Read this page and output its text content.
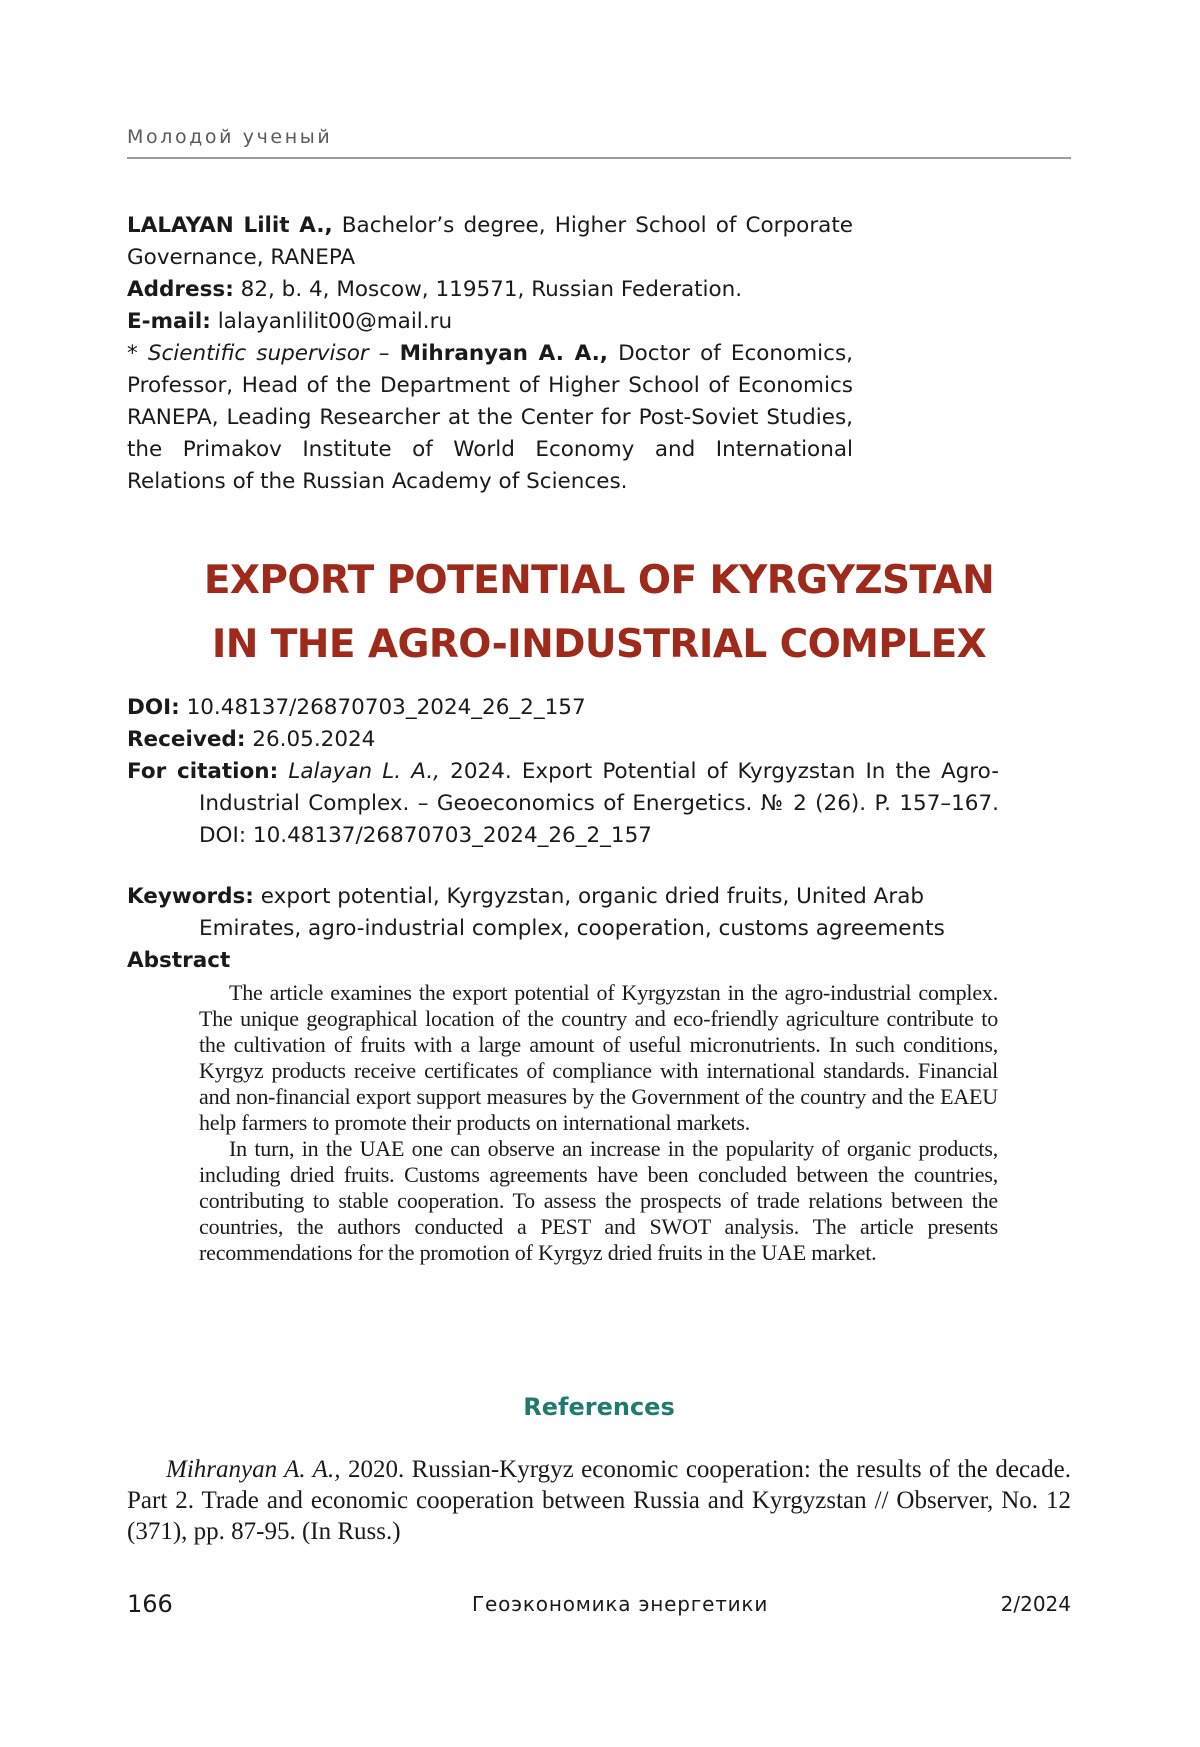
Молодой ученый

LALAYAN Lilit A., Bachelor’s degree, Higher School of Corporate Governance, RANEPA

Address: 82, b. 4, Moscow, 119571, Russian Federation.

E-mail: lalayanlilit00@mail.ru

* Scientific supervisor – Mihranyan A. A., Doctor of Economics, Professor, Head of the Department of Higher School of Economics RANEPA, Leading Researcher at the Center for Post-Soviet Studies, the Primakov Institute of World Economy and International Relations of the Russian Academy of Sciences.

EXPORT POTENTIAL OF KYRGYZSTAN
IN THE AGRO-INDUSTRIAL COMPLEX
DOI: 10.48137/26870703_2024_26_2_157
Received: 26.05.2024
For citation: Lalayan L. A., 2024. Export Potential of Kyrgyzstan In the Agro-Industrial Complex. – Geoeconomics of Energetics. № 2 (26). P. 157–167. DOI: 10.48137/26870703_2024_26_2_157
Keywords: export potential, Kyrgyzstan, organic dried fruits, United Arab Emirates, agro-industrial complex, cooperation, customs agreements
Abstract

The article examines the export potential of Kyrgyzstan in the agro-industrial complex. The unique geographical location of the country and eco-friendly agriculture contribute to the cultivation of fruits with a large amount of useful micronutrients. In such conditions, Kyrgyz products receive certificates of compliance with international standards. Financial and non-financial export support measures by the Government of the country and the EAEU help farmers to promote their products on international markets.

In turn, in the UAE one can observe an increase in the popularity of organic products, including dried fruits. Customs agreements have been concluded between the countries, contributing to stable cooperation. To assess the prospects of trade relations between the countries, the authors conducted a PEST and SWOT analysis. The article presents recommendations for the promotion of Kyrgyz dried fruits in the UAE market.

References
Mihranyan A. A., 2020. Russian-Kyrgyz economic cooperation: the results of the decade. Part 2. Trade and economic cooperation between Russia and Kyrgyzstan // Observer, No. 12 (371), pp. 87-95. (In Russ.)
166	Геоэкономика энергетики	2/2024
